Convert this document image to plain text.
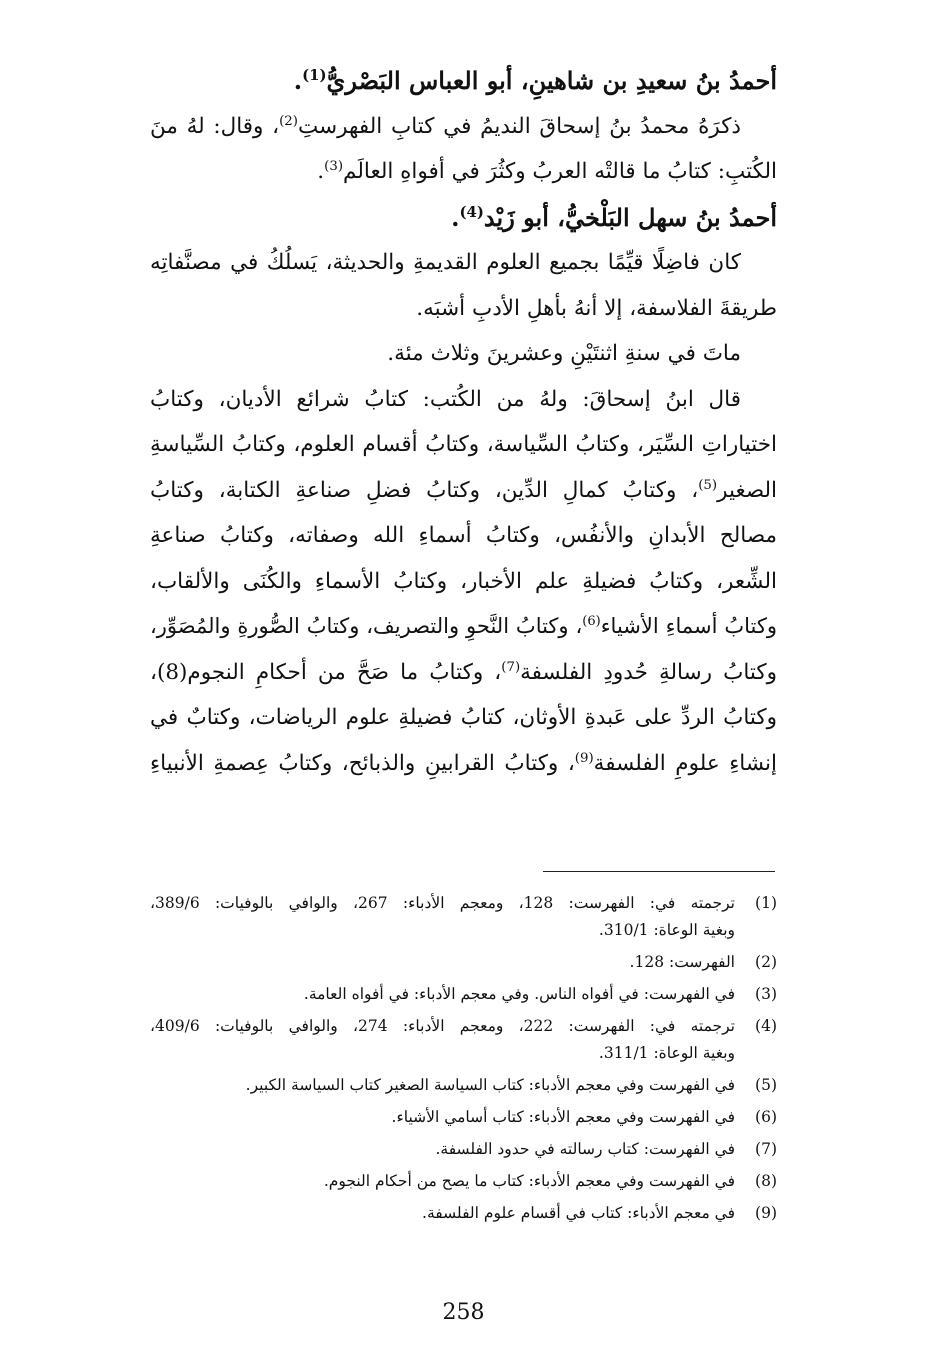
أحمدُ بنُ سعيدِ بن شاهينِ، أبو العباس البَصْريُّ$^{(1)}$.
ذكرَهُ محمدُ بنُ إسحاقَ النديمُ في كتابِ الفهرستِ$^{(2)}$، وقال: لهُ منَ
الكُتبِ: كتابُ ما قالتْه العربُ وكثُرَ في أفواهِ العالَم$^{(3)}$.
أحمدُ بنُ سهل البَلْخيُّ، أبو زَيْد$^{(4)}$.
كان فاضِلًا قيِّمًا بجميع العلوم القديمةِ والحديثة، يَسلُكُ في مصنَّفاتِه
طريقةَ الفلاسفة، إلا أنهُ بأهلِ الأدبِ أشبَه.
ماتَ في سنةِ اثنتَيْنِ وعشرينَ وثلاث مئة.
قال ابنُ إسحاقَ: ولهُ من الكُتب: كتابُ شرائع الأديان، وكتابُ
اختياراتِ السِّيَر، وكتابُ السِّياسة، وكتابُ أقسام العلوم، وكتابُ السِّياسةِ
الصغير$^{(5)}$، وكتابُ كمالِ الدِّين، وكتابُ فضلِ صناعةِ الكتابة، وكتابُ
مصالح الأبدانِ والأنفُس، وكتابُ أسماءِ الله وصفاته، وكتابُ صناعةِ
الشِّعر، وكتابُ فضيلةِ علم الأخبار، وكتابُ الأسماءِ والكُنَى والألقاب،
وكتابُ أسماءِ الأشياء$^{(6)}$، وكتابُ النَّحوِ والتصريف، وكتابُ الصُّورةِ والمُصَوِّر،
وكتابُ رسالةِ حُدودِ الفلسفة$^{(7)}$، وكتابُ ما صَحَّ من أحكامِ النجوم(8)،
وكتابُ الردِّ على عَبدةِ الأوثان، كتابُ فضيلةِ علوم الرياضات، وكتابٌ في
إنشاءِ علومِ الفلسفة$^{(9)}$، وكتابُ القرابينِ والذبائح، وكتابُ عِصمةِ الأنبياءِ
(1)
ترجمته في: الفهرست: 128، ومعجم الأدباء: 267، والوافي بالوفيات: 389/6،
وبغية الوعاة: 310/1.
(2)
الفهرست: 128.
(3)
في الفهرست: في أفواه الناس. وفي معجم الأدباء: في أفواه العامة.
(4)
ترجمته في: الفهرست: 222، ومعجم الأدباء: 274، والوافي بالوفيات: 409/6،
وبغية الوعاة: 311/1.
(5)
في الفهرست وفي معجم الأدباء: كتاب السياسة الصغير كتاب السياسة الكبير.
(6)
في الفهرست وفي معجم الأدباء: كتاب أسامي الأشياء.
(7)
في الفهرست: كتاب رسالته في حدود الفلسفة.
(8)
في الفهرست وفي معجم الأدباء: كتاب ما يصح من أحكام النجوم.
(9)
في معجم الأدباء: كتاب في أقسام علوم الفلسفة.
258
